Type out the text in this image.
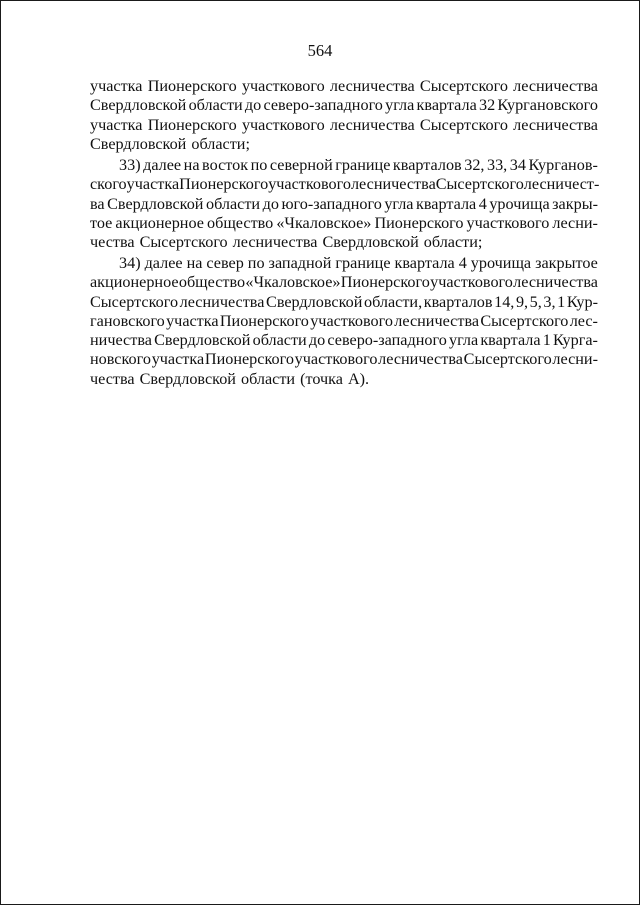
564
участка Пионерского участкового лесничества Сысертского лесничества
Свердловской области до северо-западного угла квартала 32 Кургановского
участка Пионерского участкового лесничества Сысертского лесничества
Свердловской области;
33) далее на восток по северной границе кварталов 32, 33, 34 Курганов-
ского участка Пионерского участкового лесничества Сысертского лесничест-
ва Свердловской области до юго-западного угла квартала 4 урочища закры-
тое акционерное общество «Чкаловское» Пионерского участкового лесни-
чества Сысертского лесничества Свердловской области;
34) далее на север по западной границе квартала 4 урочища закрытое
акционерное общество «Чкаловское» Пионерского участкового лесничества
Сысертского лесничества Свердловской области, кварталов 14, 9, 5, 3, 1 Кур-
гановского участка Пионерского участкового лесничества Сысертского лес-
ничества Свердловской области до северо-западного угла квартала 1 Курга-
новского участка Пионерского участкового лесничества Сысертского лесни-
чества Свердловской области (точка А).
